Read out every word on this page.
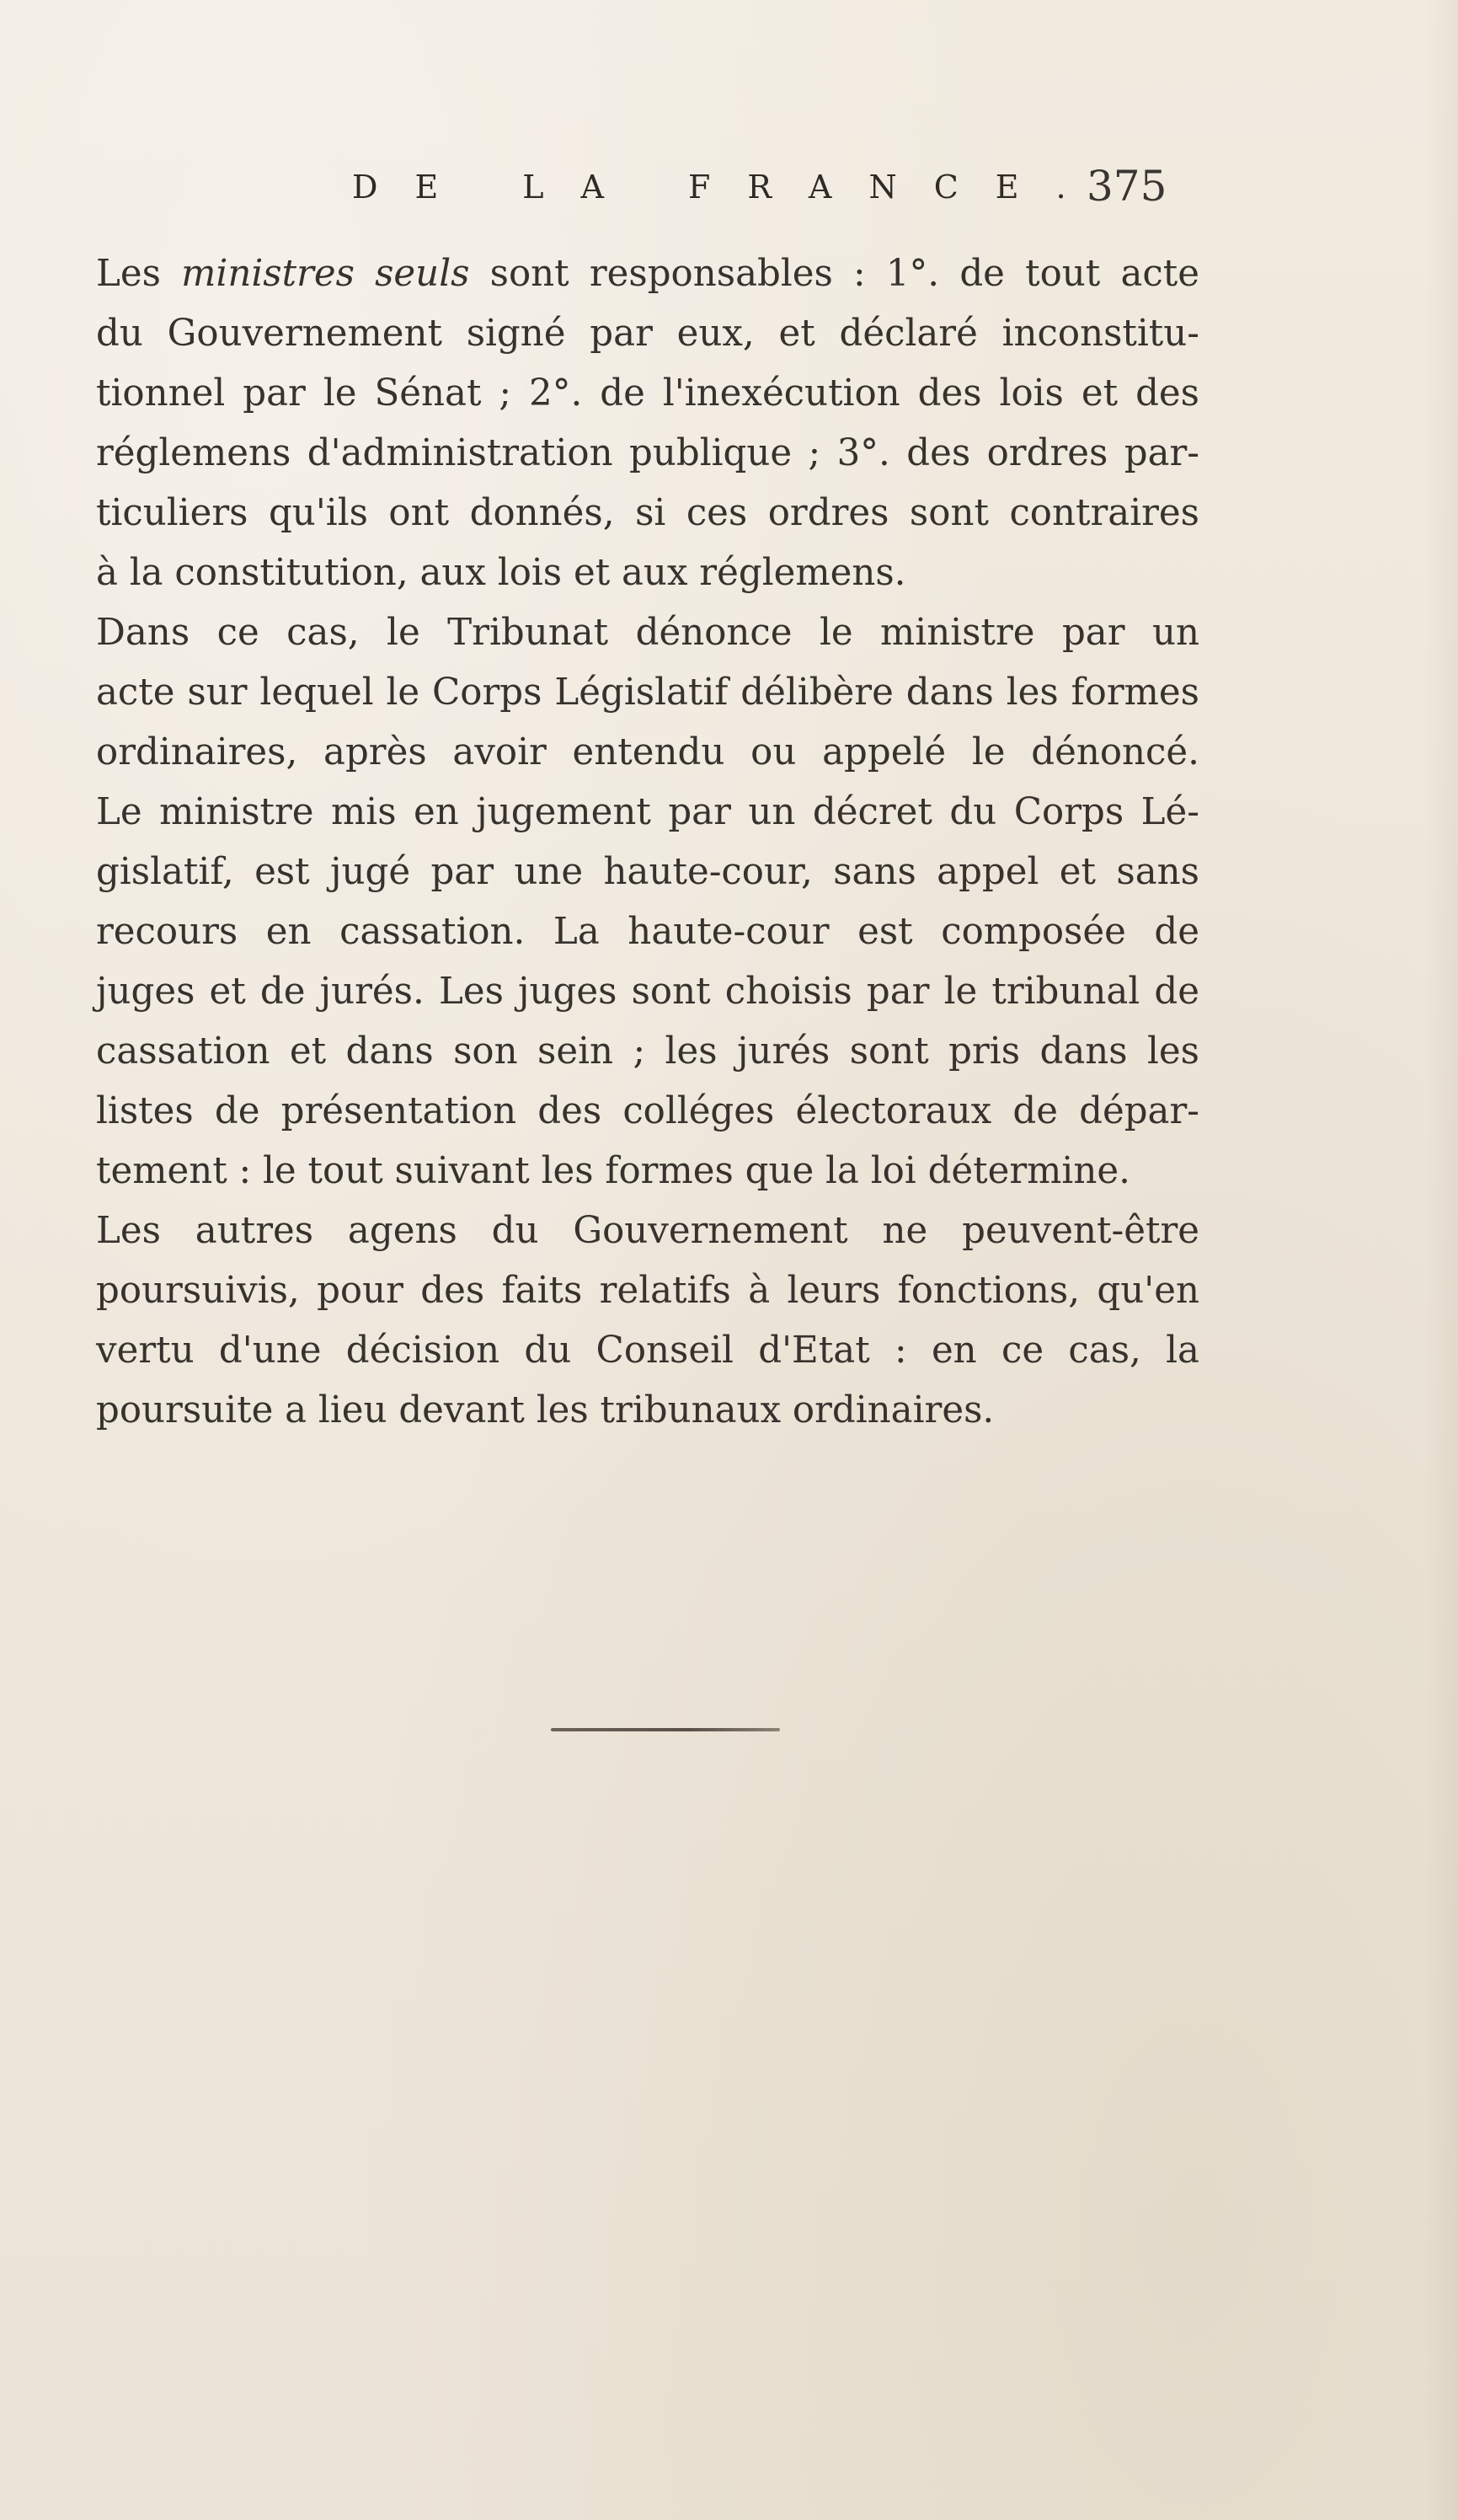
DE LA FRANCE.
375
Les ministres seuls sont responsables : 1°. de tout acte
du Gouvernement signé par eux, et déclaré inconstitu-
tionnel par le Sénat ; 2°. de l'inexécution des lois et des
réglemens d'administration publique ; 3°. des ordres par-
ticuliers qu'ils ont donnés, si ces ordres sont contraires
à la constitution, aux lois et aux réglemens.
Dans ce cas, le Tribunat dénonce le ministre par un
acte sur lequel le Corps Législatif délibère dans les formes
ordinaires, après avoir entendu ou appelé le dénoncé.
Le ministre mis en jugement par un décret du Corps Lé-
gislatif, est jugé par une haute-cour, sans appel et sans
recours en cassation. La haute-cour est composée de
juges et de jurés. Les juges sont choisis par le tribunal de
cassation et dans son sein ; les jurés sont pris dans les
listes de présentation des colléges électoraux de dépar-
tement : le tout suivant les formes que la loi détermine.
Les autres agens du Gouvernement ne peuvent-être
poursuivis, pour des faits relatifs à leurs fonctions, qu'en
vertu d'une décision du Conseil d'Etat : en ce cas, la
poursuite a lieu devant les tribunaux ordinaires.
